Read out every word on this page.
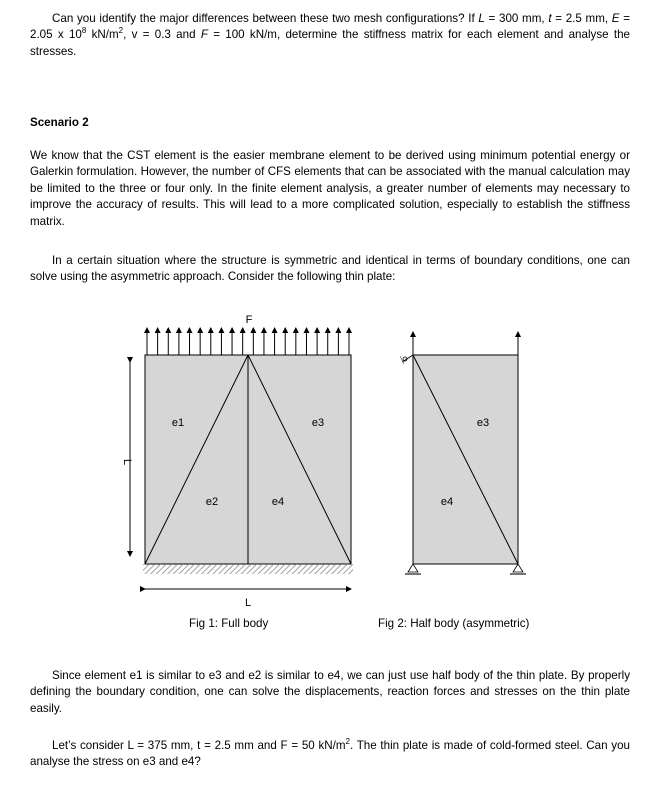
Can you identify the major differences between these two mesh configurations? If L = 300 mm, t = 2.5 mm, E = 2.05 x $10^8$ $kN/m^2$, v = 0.3 and F = 100 kN/m, determine the stiffness matrix for each element and analyse the stresses.

Scenario 2

We know that the CST element is the easier membrane element to be derived using minimum potential energy or Galerkin formulation. However, the number of CFS elements that can be associated with the manual calculation may be limited to the three or four only. In the finite element analysis, a greater number of elements may necessary to improve the accuracy of results. This will lead to a more complicated solution, especially to establish the stiffness matrix.

In a certain situation where the structure is symmetric and identical in terms of boundary conditions, one can solve using the asymmetric approach. Consider the following thin plate:

L
L
F
e1
e2	e4
e3	e3
e4

Fig 1: Full body	Fig 2: Half body (asymmetric)

Since element e1 is similar to e3 and e2 is similar to e4, we can just use half body of the thin plate. By properly defining the boundary condition, one can solve the displacements, reaction forces and stresses on the thin plate easily.

Let’s consider L = 375 mm, t = 2.5 mm and F = 50 $kN/m^2$. The thin plate is made of cold-formed steel. Can you analyse the stress on e3 and e4?
